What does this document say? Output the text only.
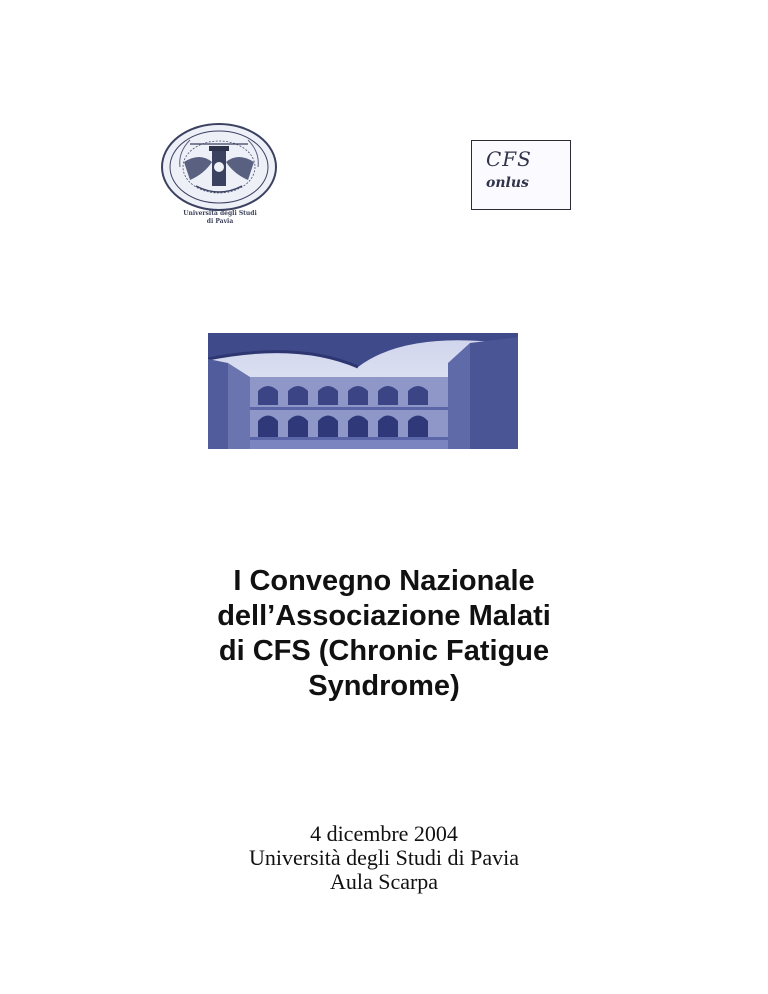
Università degli Studi
di Pavia
CFS
onlus
I Convegno Nazionale
dell’Associazione Malati
di CFS (Chronic Fatigue
Syndrome)
4 dicembre 2004
Università degli Studi di Pavia
Aula Scarpa
